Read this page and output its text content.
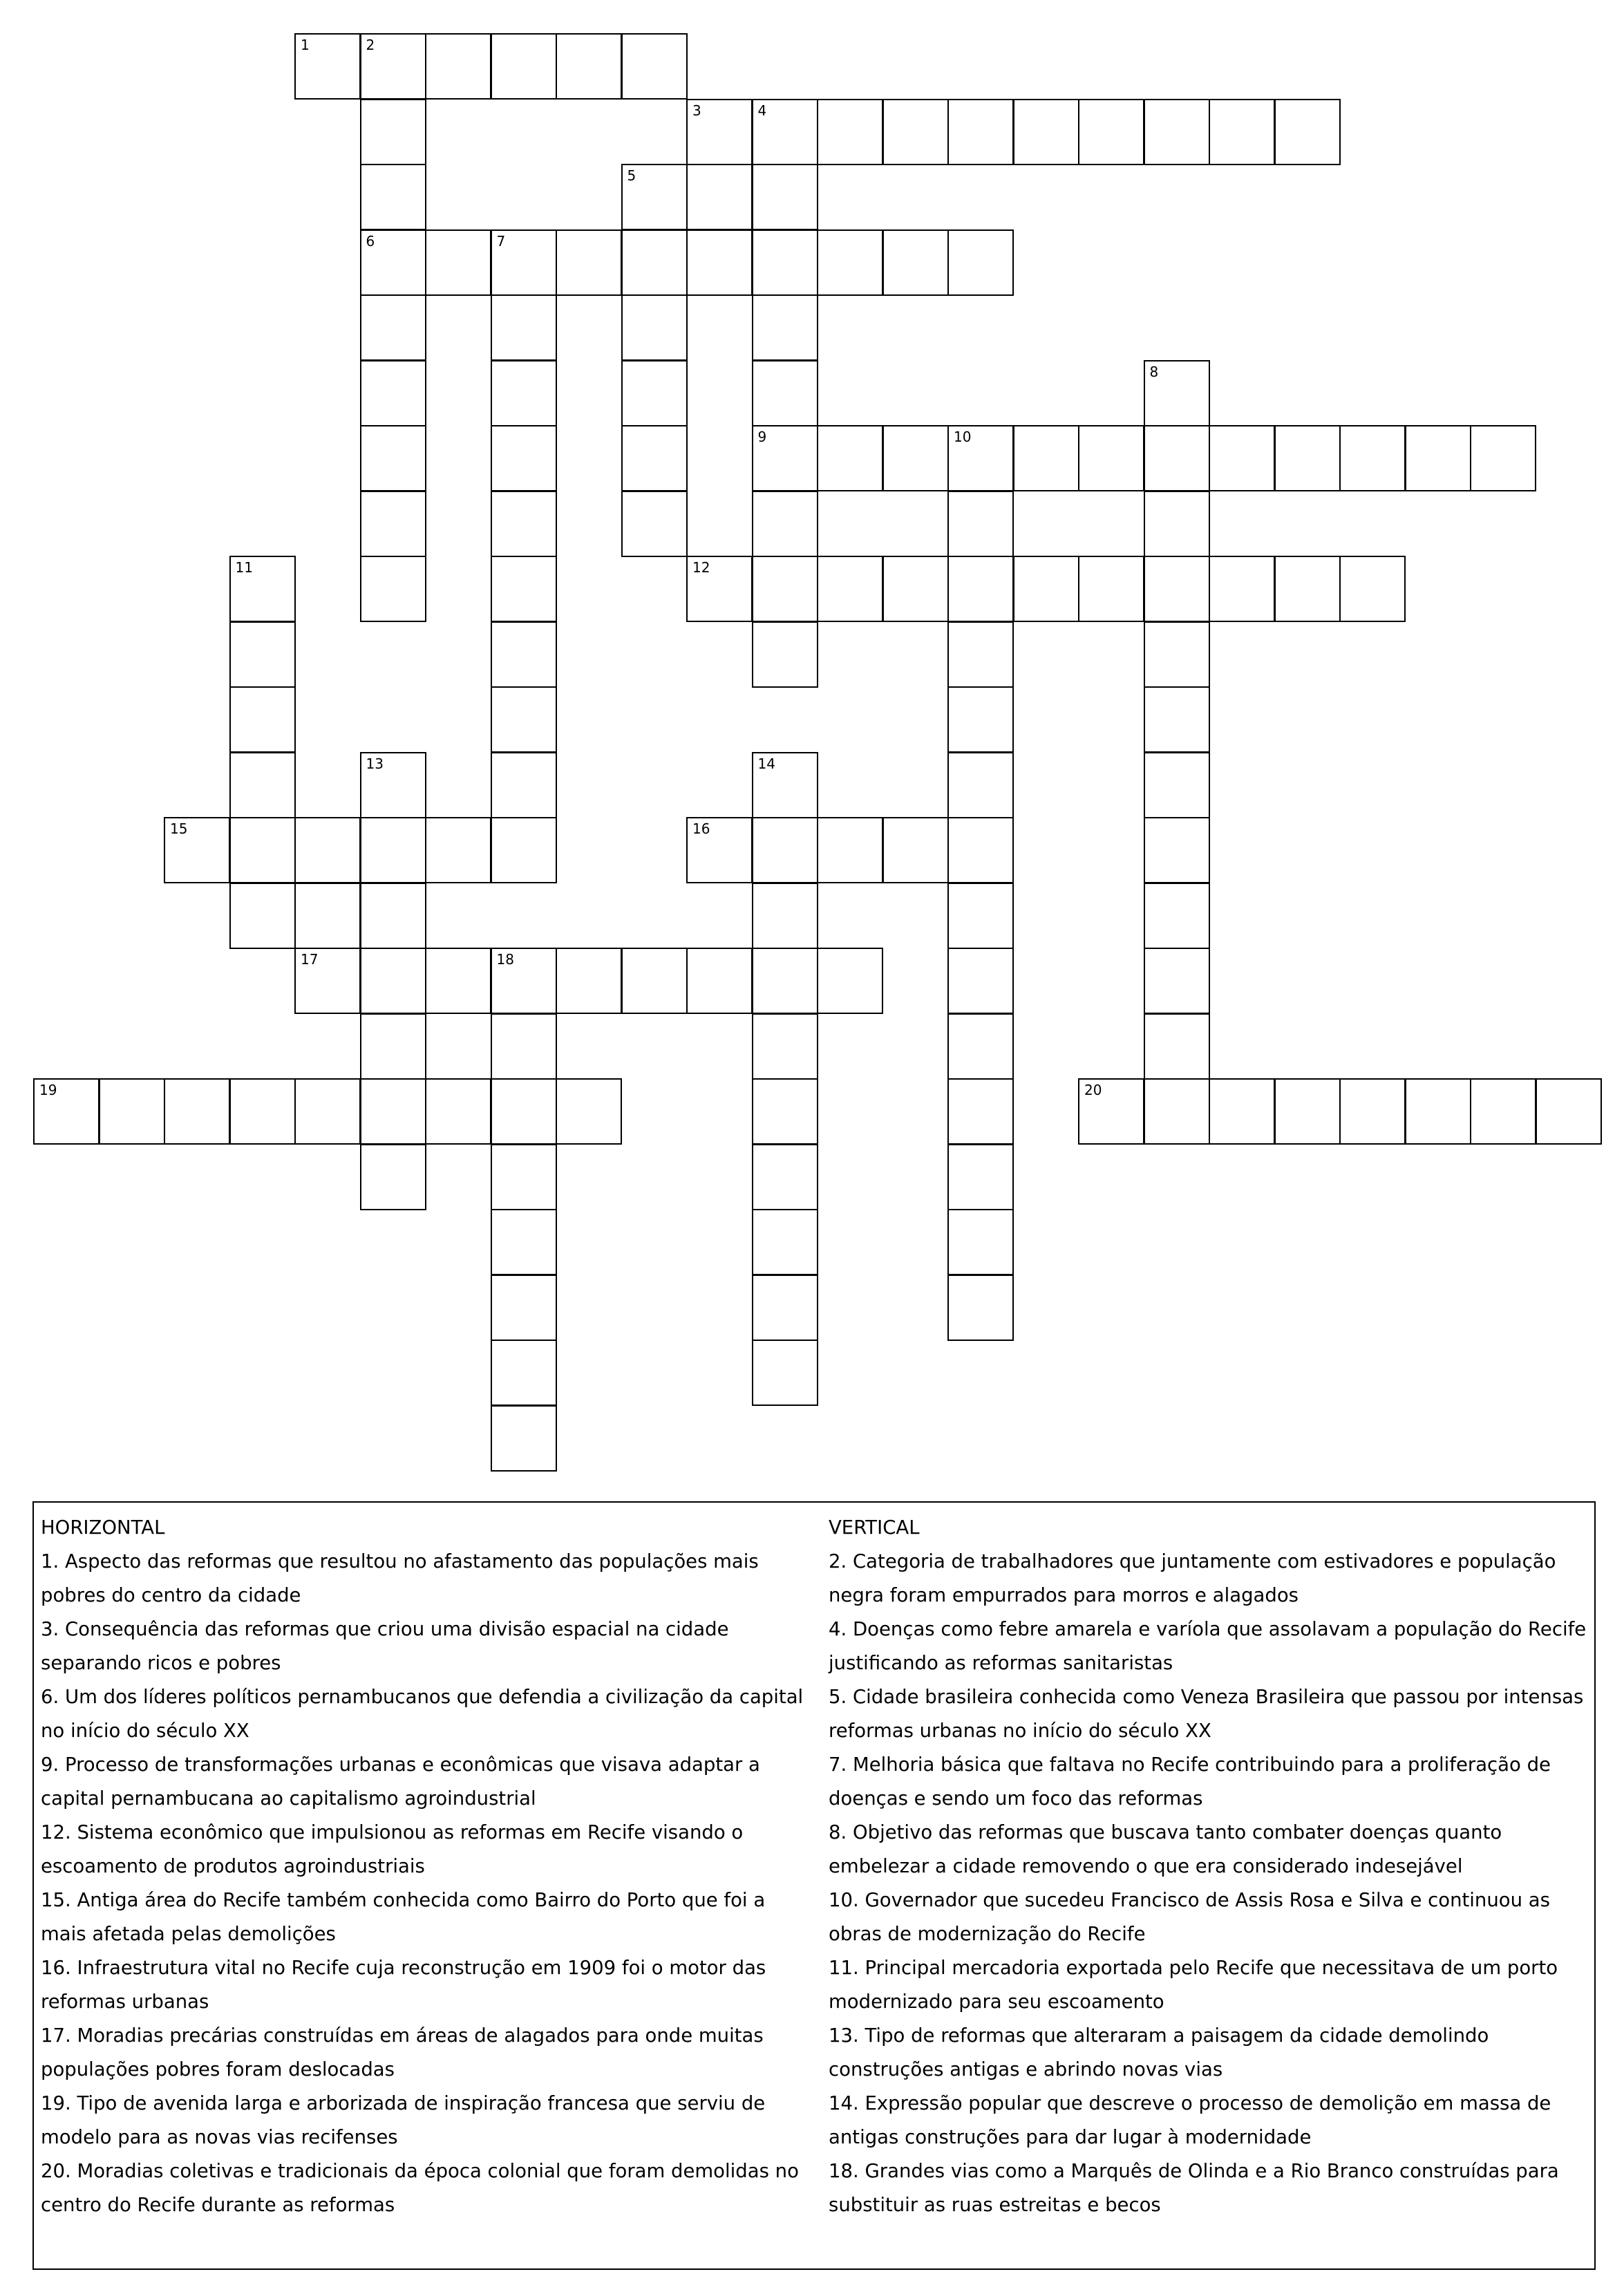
1	2
3	4
5
6	7
8
9	10
11	12
13	14
15	16
17	18
19	20
HORIZONTAL
1. Aspecto das reformas que resultou no afastamento das populações mais pobres do centro da cidade
3. Consequência das reformas que criou uma divisão espacial na cidade separando ricos e pobres
6. Um dos líderes políticos pernambucanos que defendia a civilização da capital no início do século XX
9. Processo de transformações urbanas e econômicas que visava adaptar a capital pernambucana ao capitalismo agroindustrial
12. Sistema econômico que impulsionou as reformas em Recife visando o escoamento de produtos agroindustriais
15. Antiga área do Recife também conhecida como Bairro do Porto que foi a mais afetada pelas demolições
16. Infraestrutura vital no Recife cuja reconstrução em 1909 foi o motor das reformas urbanas
17. Moradias precárias construídas em áreas de alagados para onde muitas populações pobres foram deslocadas
19. Tipo de avenida larga e arborizada de inspiração francesa que serviu de modelo para as novas vias recifenses
20. Moradias coletivas e tradicionais da época colonial que foram demolidas no centro do Recife durante as reformas
VERTICAL
2. Categoria de trabalhadores que juntamente com estivadores e população negra foram empurrados para morros e alagados
4. Doenças como febre amarela e varíola que assolavam a população do Recife justificando as reformas sanitaristas
5. Cidade brasileira conhecida como Veneza Brasileira que passou por intensas reformas urbanas no início do século XX
7. Melhoria básica que faltava no Recife contribuindo para a proliferação de doenças e sendo um foco das reformas
8. Objetivo das reformas que buscava tanto combater doenças quanto embelezar a cidade removendo o que era considerado indesejável
10. Governador que sucedeu Francisco de Assis Rosa e Silva e continuou as obras de modernização do Recife
11. Principal mercadoria exportada pelo Recife que necessitava de um porto modernizado para seu escoamento
13. Tipo de reformas que alteraram a paisagem da cidade demolindo construções antigas e abrindo novas vias
14. Expressão popular que descreve o processo de demolição em massa de antigas construções para dar lugar à modernidade
18. Grandes vias como a Marquês de Olinda e a Rio Branco construídas para substituir as ruas estreitas e becos
